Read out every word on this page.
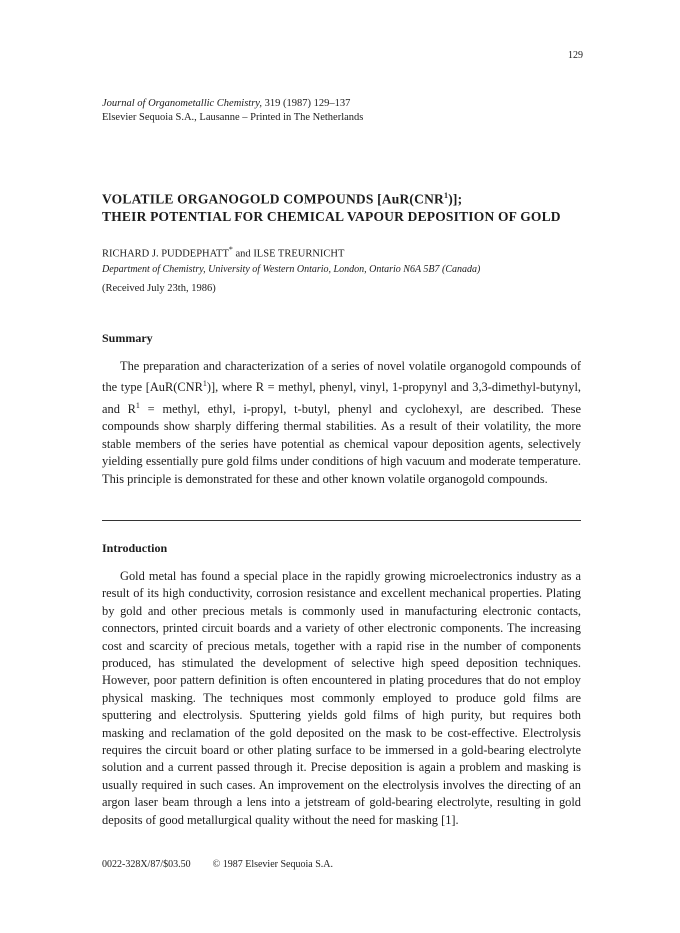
129
Journal of Organometallic Chemistry, 319 (1987) 129–137
Elsevier Sequoia S.A., Lausanne – Printed in The Netherlands
VOLATILE ORGANOGOLD COMPOUNDS [AuR(CNR$^1$)];
THEIR POTENTIAL FOR CHEMICAL VAPOUR DEPOSITION OF GOLD
RICHARD J. PUDDEPHATT* and ILSE TREURNICHT
Department of Chemistry, University of Western Ontario, London, Ontario N6A 5B7 (Canada)
(Received July 23th, 1986)
Summary

The preparation and characterization of a series of novel volatile organogold compounds of the type [AuR(CNR$^1$)], where R = methyl, phenyl, vinyl, 1-propynyl and 3,3-dimethyl-butynyl, and $R^1$ = methyl, ethyl, i-propyl, t-butyl, phenyl and cyclohexyl, are described. These compounds show sharply differing thermal stabilities. As a result of their volatility, the more stable members of the series have potential as chemical vapour deposition agents, selectively yielding essentially pure gold films under conditions of high vacuum and moderate temperature. This principle is demonstrated for these and other known volatile organogold compounds.

Introduction

Gold metal has found a special place in the rapidly growing microelectronics industry as a result of its high conductivity, corrosion resistance and excellent mechanical properties. Plating by gold and other precious metals is commonly used in manufacturing electronic contacts, connectors, printed circuit boards and a variety of other electronic components. The increasing cost and scarcity of precious metals, together with a rapid rise in the number of components produced, has stimulated the development of selective high speed deposition techniques. However, poor pattern definition is often encountered in plating procedures that do not employ physical masking. The techniques most commonly employed to produce gold films are sputtering and electrolysis. Sputtering yields gold films of high purity, but requires both masking and reclamation of the gold deposited on the mask to be cost-effective. Electrolysis requires the circuit board or other plating surface to be immersed in a gold-bearing electrolyte solution and a current passed through it. Precise deposition is again a problem and masking is usually required in such cases. An improvement on the electrolysis involves the directing of an argon laser beam through a lens into a jetstream of gold-bearing electrolyte, resulting in gold deposits of good metallurgical quality without the need for masking [1].

0022-328X/87/$03.50 © 1987 Elsevier Sequoia S.A.
